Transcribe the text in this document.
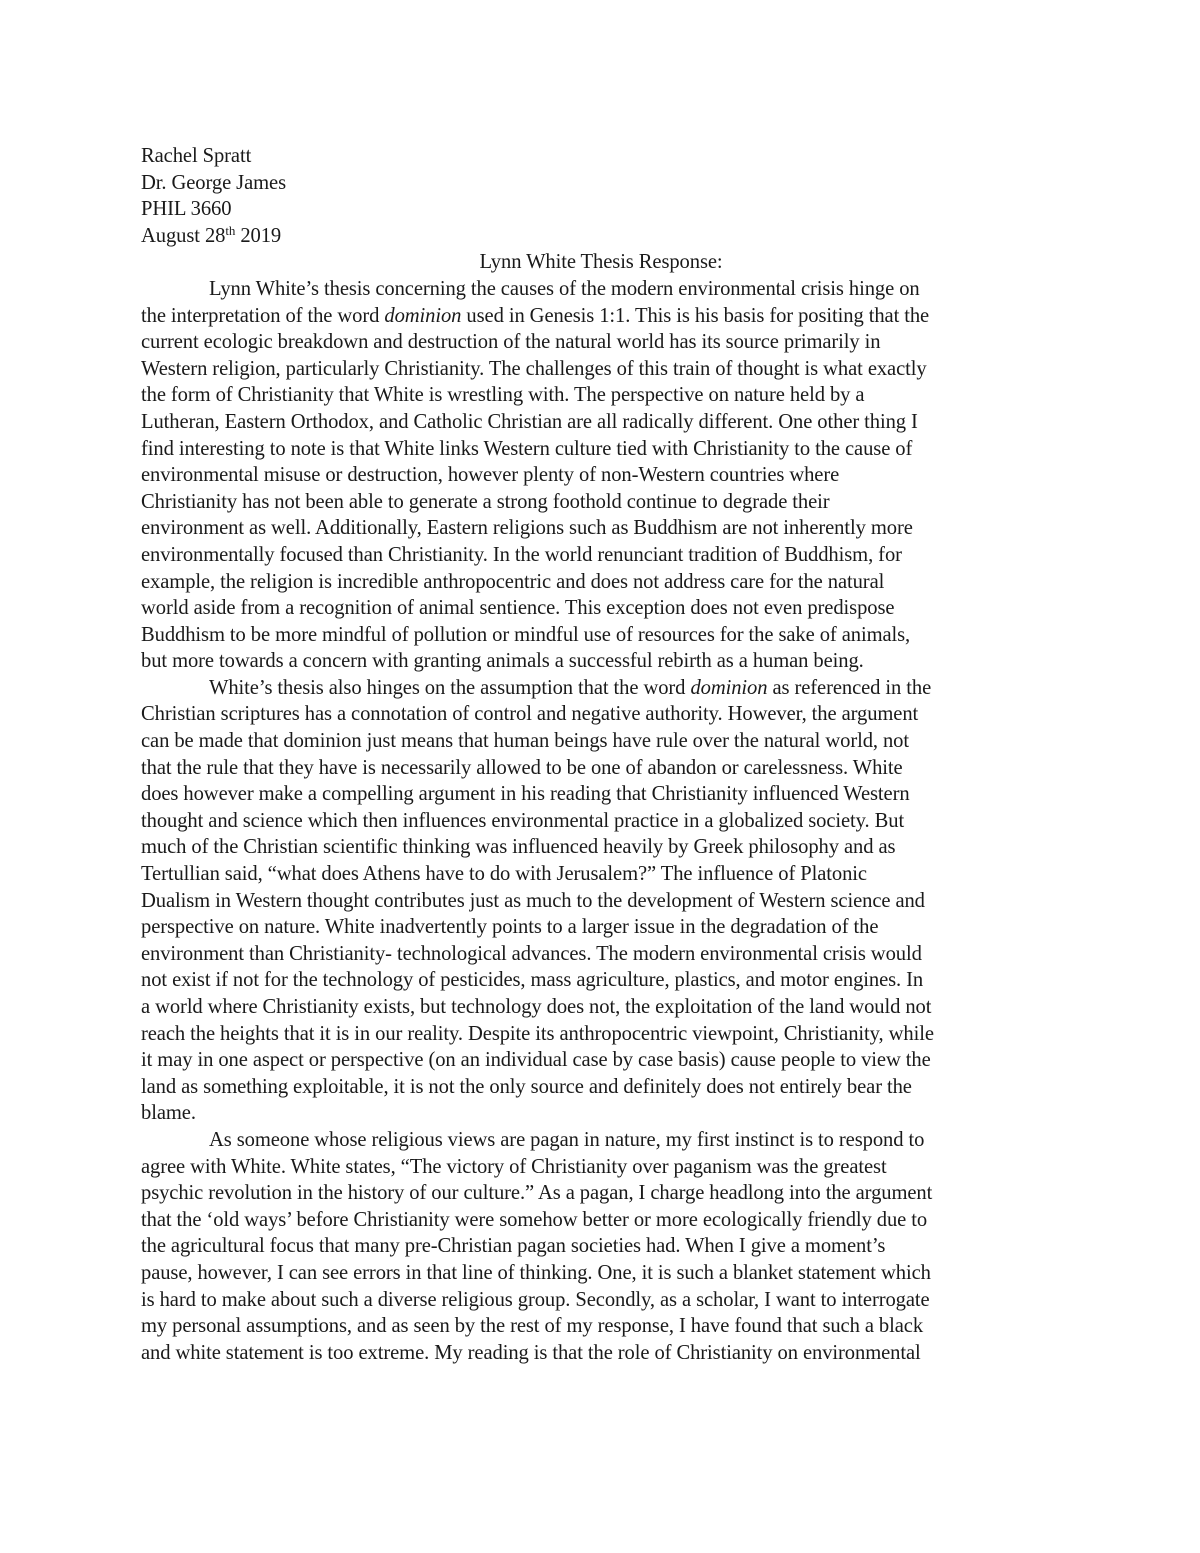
Rachel Spratt
Dr. George James
PHIL 3660
August 28th 2019
Lynn White Thesis Response:
Lynn White’s thesis concerning the causes of the modern environmental crisis hinge on
the interpretation of the word dominion used in Genesis 1:1. This is his basis for positing that the
current ecologic breakdown and destruction of the natural world has its source primarily in
Western religion, particularly Christianity. The challenges of this train of thought is what exactly
the form of Christianity that White is wrestling with. The perspective on nature held by a
Lutheran, Eastern Orthodox, and Catholic Christian are all radically different. One other thing I
find interesting to note is that White links Western culture tied with Christianity to the cause of
environmental misuse or destruction, however plenty of non-Western countries where
Christianity has not been able to generate a strong foothold continue to degrade their
environment as well. Additionally, Eastern religions such as Buddhism are not inherently more
environmentally focused than Christianity. In the world renunciant tradition of Buddhism, for
example, the religion is incredible anthropocentric and does not address care for the natural
world aside from a recognition of animal sentience. This exception does not even predispose
Buddhism to be more mindful of pollution or mindful use of resources for the sake of animals,
but more towards a concern with granting animals a successful rebirth as a human being.
White’s thesis also hinges on the assumption that the word dominion as referenced in the
Christian scriptures has a connotation of control and negative authority. However, the argument
can be made that dominion just means that human beings have rule over the natural world, not
that the rule that they have is necessarily allowed to be one of abandon or carelessness. White
does however make a compelling argument in his reading that Christianity influenced Western
thought and science which then influences environmental practice in a globalized society. But
much of the Christian scientific thinking was influenced heavily by Greek philosophy and as
Tertullian said, “what does Athens have to do with Jerusalem?” The influence of Platonic
Dualism in Western thought contributes just as much to the development of Western science and
perspective on nature. White inadvertently points to a larger issue in the degradation of the
environment than Christianity- technological advances. The modern environmental crisis would
not exist if not for the technology of pesticides, mass agriculture, plastics, and motor engines. In
a world where Christianity exists, but technology does not, the exploitation of the land would not
reach the heights that it is in our reality. Despite its anthropocentric viewpoint, Christianity, while
it may in one aspect or perspective (on an individual case by case basis) cause people to view the
land as something exploitable, it is not the only source and definitely does not entirely bear the
blame.
As someone whose religious views are pagan in nature, my first instinct is to respond to
agree with White. White states, “The victory of Christianity over paganism was the greatest
psychic revolution in the history of our culture.” As a pagan, I charge headlong into the argument
that the ‘old ways’ before Christianity were somehow better or more ecologically friendly due to
the agricultural focus that many pre-Christian pagan societies had. When I give a moment’s
pause, however, I can see errors in that line of thinking. One, it is such a blanket statement which
is hard to make about such a diverse religious group. Secondly, as a scholar, I want to interrogate
my personal assumptions, and as seen by the rest of my response, I have found that such a black
and white statement is too extreme. My reading is that the role of Christianity on environmental
